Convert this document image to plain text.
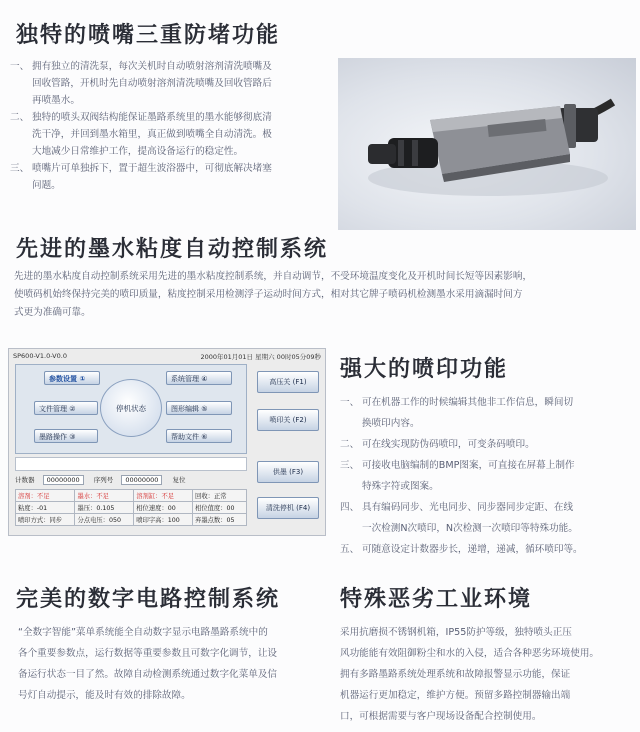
独特的喷嘴三重防堵功能
一、 拥有独立的清洗泵，每次关机时自动喷射溶剂清洗喷嘴及
回收管路，开机时先自动喷射溶剂清洗喷嘴及回收管路后
再喷墨水。
二、 独特的喷头双阀结构能保证墨路系统里的墨水能够彻底清
洗干净，并回到墨水箱里，真正做到喷嘴全自动清洗。极
大地减少日常维护工作，提高设备运行的稳定性。
三、 喷嘴片可单独拆下，置于超生波浴器中，可彻底解决堵塞
问题。
先进的墨水粘度自动控制系统

先进的墨水粘度自动控制系统采用先进的墨水粘度控制系统，并自动调节，不受环境温度变化及开机时间长短等因素影响，

使喷码机始终保持完美的喷印质量，粘度控制采用检测浮子运动时间方式，相对其它牌子喷码机检测墨水采用滴漏时间方

式更为准确可靠。

SP600-V1.0-V0.0	2000年01月01日 星期六 00时05分09秒
参数设置 ①
文件管理 ②
墨路操作 ③
停机状态
系统管理 ④
图形编辑 ⑤
帮助文件 ⑥
高压关 (F1)
喷印关 (F2)
供墨 (F3)
清洗停机 (F4)
计数器 00000000 序列号 00000000 复位
溶剂：不足	墨水：不足	溶剂缸：不足	回收：正常
粘度：-01	墨压：0.105	相位速度：00	相位值度：00
喷印方式：同步	分点电压：050	喷印字高：100	弃墨点数：05
强大的喷印功能
一、 可在机器工作的时候编辑其他非工作信息，瞬间切
换喷印内容。
二、 可在线实现防伪码喷印，可变条码喷印。
三、 可接收电脑编制的BMP图案，可直接在屏幕上制作
特殊字符或图案。
四、 具有编码同步、光电同步、同步器同步定距、在线
一次检测N次喷印，N次检测一次喷印等特殊功能。
五、 可随意设定计数器步长，递增，递减，循环喷印等。
完美的数字电路控制系统

“全数字智能”菜单系统能全自动数字显示电路墨路系统中的

各个重要参数点，运行数据等重要参数且可数字化调节，让设

备运行状态一目了然。故障自动检测系统通过数字化菜单及信

号灯自动提示，能及时有效的排除故障。

特殊恶劣工业环境

采用抗磨损不锈钢机箱，IP55防护等级，独特喷头正压

风功能能有效阻御粉尘和水的入侵，适合各种恶劣环境使用。

拥有多路墨路系统处理系统和故障报警显示功能，保证

机器运行更加稳定，维护方便。预留多路控制器输出端

口，可根据需要与客户现场设备配合控制使用。
